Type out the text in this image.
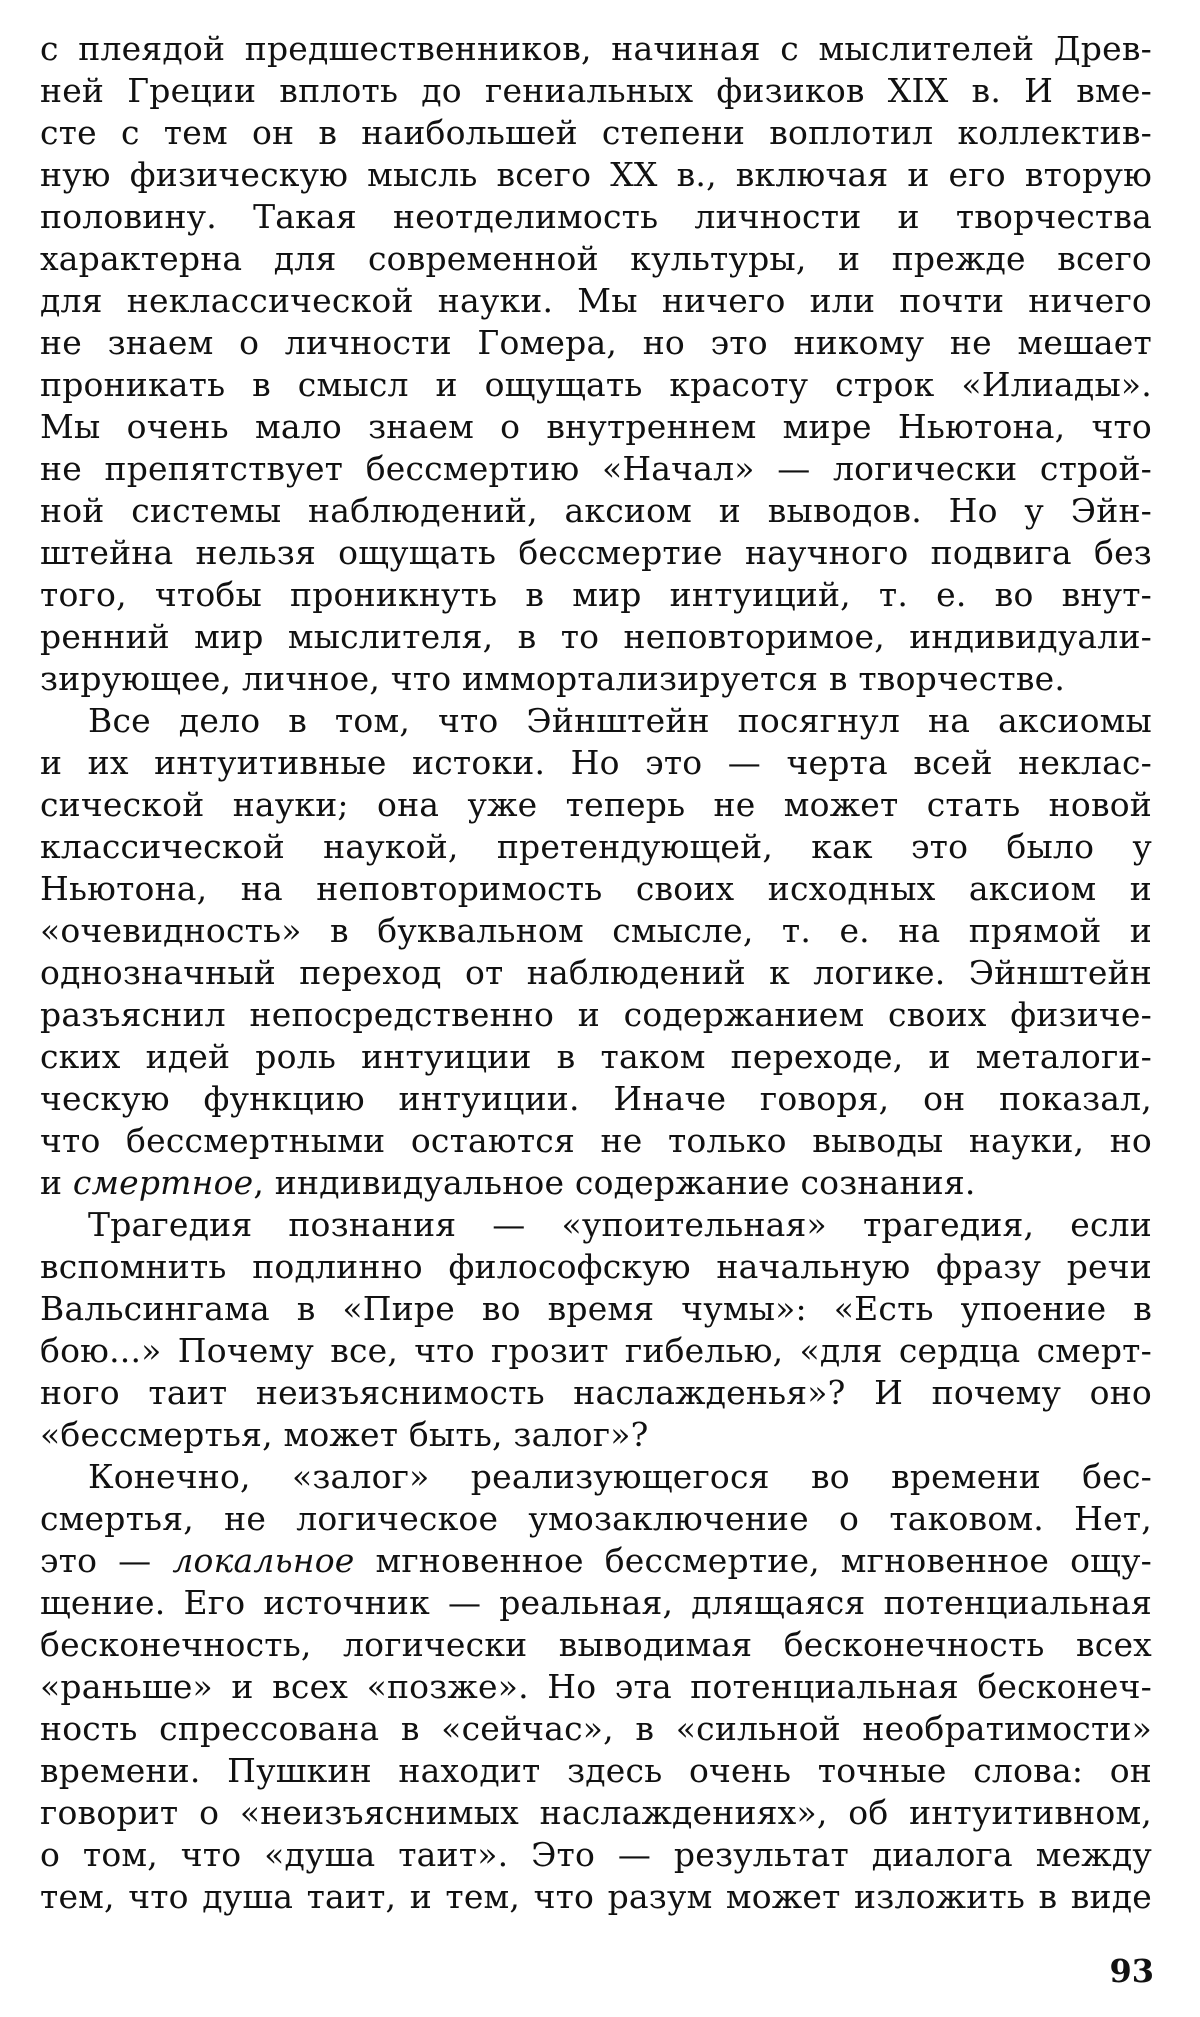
с плеядой предшественников, начиная с мыслителей Древ-
ней Греции вплоть до гениальных физиков XIX в. И вме-
сте с тем он в наибольшей степени воплотил коллектив-
ную физическую мысль всего XX в., включая и его вторую
половину. Такая неотделимость личности и творчества
характерна для современной культуры, и прежде всего
для неклассической науки. Мы ничего или почти ничего
не знаем о личности Гомера, но это никому не мешает
проникать в смысл и ощущать красоту строк «Илиады».
Мы очень мало знаем о внутреннем мире Ньютона, что
не препятствует бессмертию «Начал» — логически строй-
ной системы наблюдений, аксиом и выводов. Но у Эйн-
штейна нельзя ощущать бессмертие научного подвига без
того, чтобы проникнуть в мир интуиций, т. е. во внут-
ренний мир мыслителя, в то неповторимое, индивидуали-
зирующее, личное, что иммортализируется в творчестве.
Все дело в том, что Эйнштейн посягнул на аксиомы
и их интуитивные истоки. Но это — черта всей неклас-
сической науки; она уже теперь не может стать новой
классической наукой, претендующей, как это было у
Ньютона, на неповторимость своих исходных аксиом и
«очевидность» в буквальном смысле, т. е. на прямой и
однозначный переход от наблюдений к логике. Эйнштейн
разъяснил непосредственно и содержанием своих физиче-
ских идей роль интуиции в таком переходе, и металоги-
ческую функцию интуиции. Иначе говоря, он показал,
что бессмертными остаются не только выводы науки, но
и смертное, индивидуальное содержание сознания.
Трагедия познания — «упоительная» трагедия, если
вспомнить подлинно философскую начальную фразу речи
Вальсингама в «Пире во время чумы»: «Есть упоение в
бою...» Почему все, что грозит гибелью, «для сердца смерт-
ного таит неизъяснимость наслажденья»? И почему оно
«бессмертья, может быть, залог»?
Конечно, «залог» реализующегося во времени бес-
смертья, не логическое умозаключение о таковом. Нет,
это — локальное мгновенное бессмертие, мгновенное ощу-
щение. Его источник — реальная, длящаяся потенциальная
бесконечность, логически выводимая бесконечность всех
«раньше» и всех «позже». Но эта потенциальная бесконеч-
ность спрессована в «сейчас», в «сильной необратимости»
времени. Пушкин находит здесь очень точные слова: он
говорит о «неизъяснимых наслаждениях», об интуитивном,
о том, что «душа таит». Это — результат диалога между
тем, что душа таит, и тем, что разум может изложить в виде
93
